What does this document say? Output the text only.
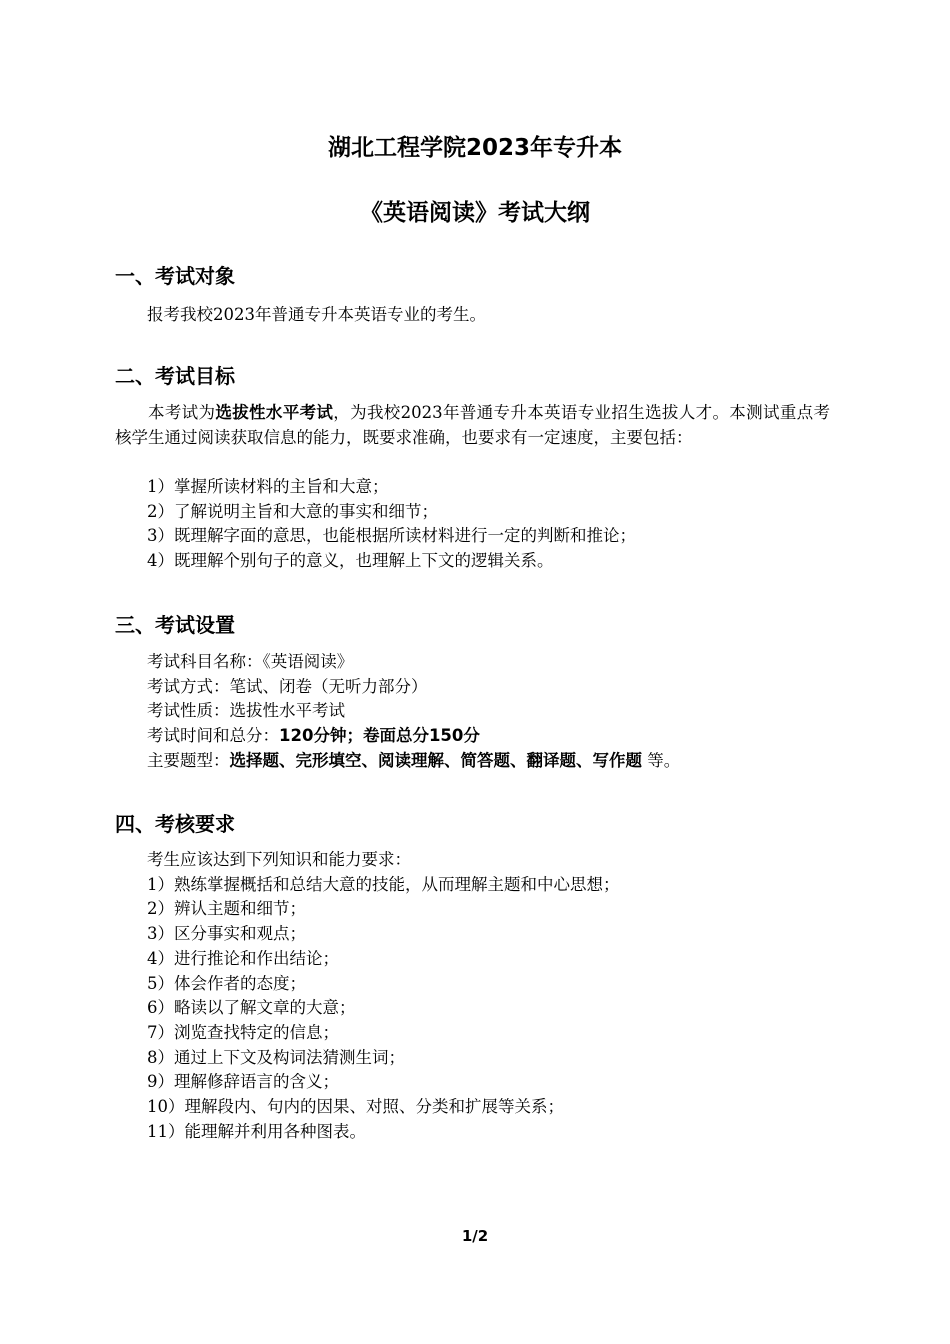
湖北工程学院2023年专升本
《英语阅读》考试大纲
一、考试对象
报考我校2023年普通专升本英语专业的考生。
二、考试目标
本考试为选拔性水平考试，为我校2023年普通专升本英语专业招生选拔人才。本测试重点考核学生通过阅读获取信息的能力，既要求准确，也要求有一定速度，主要包括：
1）掌握所读材料的主旨和大意；
2）了解说明主旨和大意的事实和细节；
3）既理解字面的意思，也能根据所读材料进行一定的判断和推论；
4）既理解个别句子的意义，也理解上下文的逻辑关系。
三、考试设置
考试科目名称：《英语阅读》
考试方式：笔试、闭卷（无听力部分）
考试性质：选拔性水平考试
考试时间和总分：120分钟；卷面总分150分
主要题型：选择题、完形填空、阅读理解、简答题、翻译题、写作题 等。
四、考核要求
考生应该达到下列知识和能力要求：
1）熟练掌握概括和总结大意的技能，从而理解主题和中心思想；
2）辨认主题和细节；
3）区分事实和观点；
4）进行推论和作出结论；
5）体会作者的态度；
6）略读以了解文章的大意；
7）浏览查找特定的信息；
8）通过上下文及构词法猜测生词；
9）理解修辞语言的含义；
10）理解段内、句内的因果、对照、分类和扩展等关系；
11）能理解并利用各种图表。
1/2
